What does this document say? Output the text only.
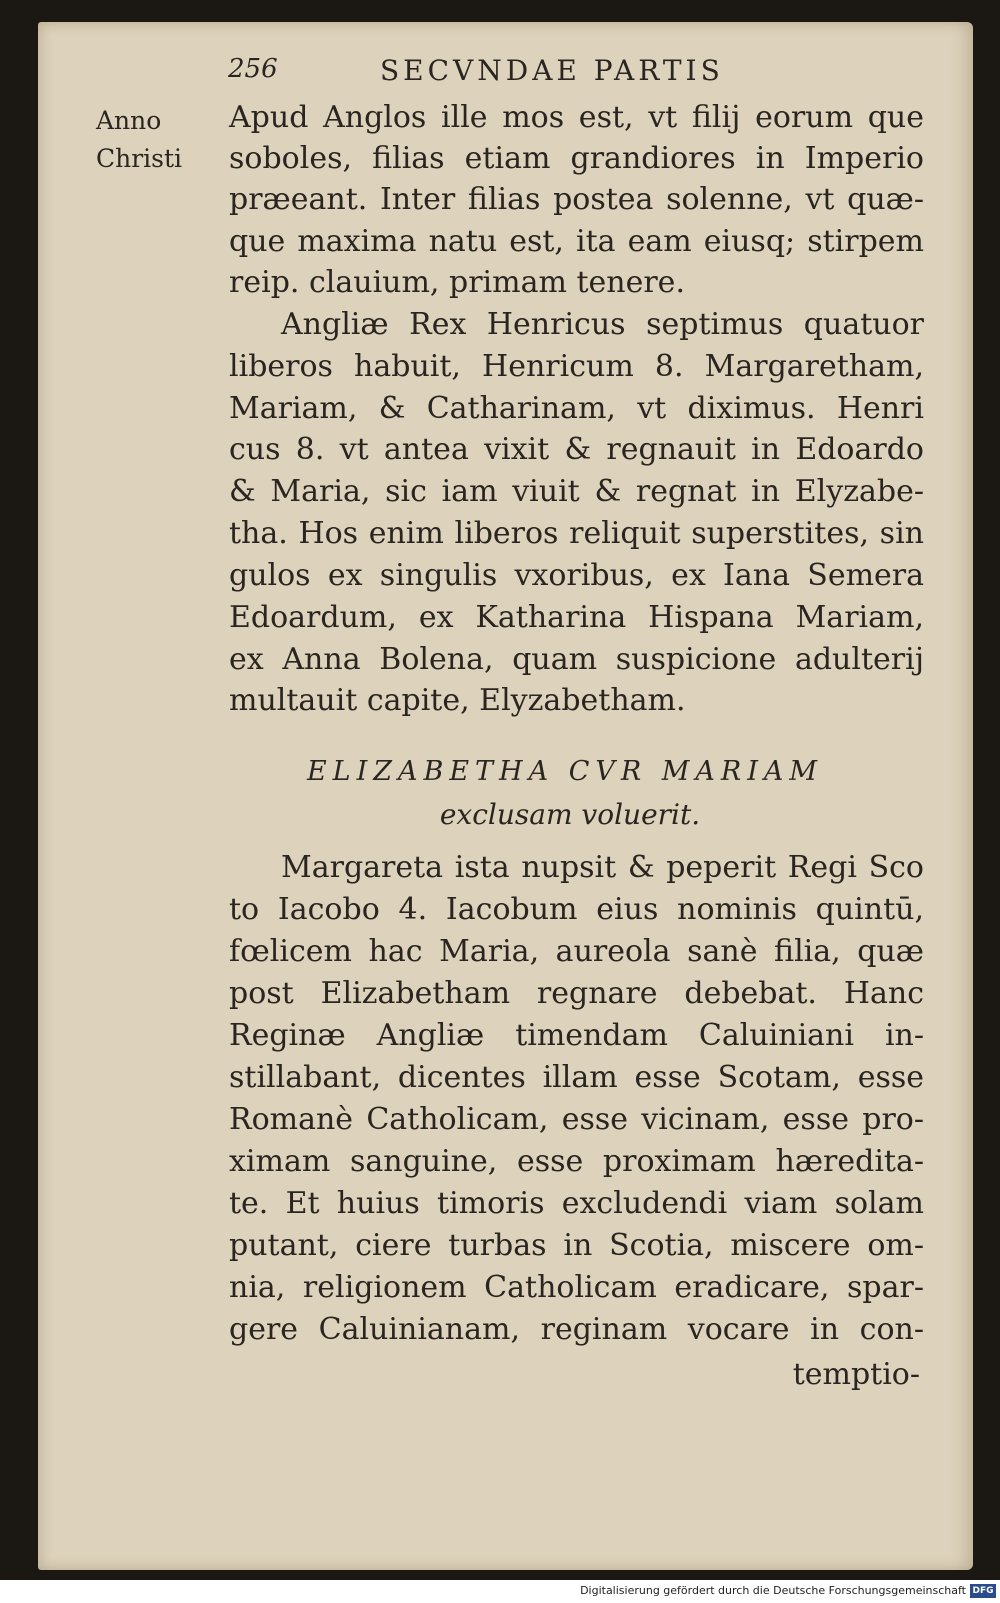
256	SECVNDAE PARTIS
Anno
Christi
Apud Anglos ille mos est, vt filij eorum que
soboles, filias etiam grandiores in Imperio
præeant. Inter filias postea solenne, vt quæ-
que maxima natu est, ita eam eiusq; stirpem
reip. clauium, primam tenere.
Angliæ Rex Henricus septimus quatuor
liberos habuit, Henricum 8. Margaretham,
Mariam, & Catharinam, vt diximus. Henri
cus 8. vt antea vixit & regnauit in Edoardo
& Maria, sic iam viuit & regnat in Elyzabe-
tha. Hos enim liberos reliquit superstites, sin
gulos ex singulis vxoribus, ex Iana Semera
Edoardum, ex Katharina Hispana Mariam,
ex Anna Bolena, quam suspicione adulterij
multauit capite, Elyzabetham.
ELIZABETHA CVR MARIAM
exclusam voluerit.
Margareta ista nupsit & peperit Regi Sco
to Iacobo 4. Iacobum eius nominis quintū,
fœlicem hac Maria, aureola sanè filia, quæ
post Elizabetham regnare debebat. Hanc
Reginæ Angliæ timendam Caluiniani in-
stillabant, dicentes illam esse Scotam, esse
Romanè Catholicam, esse vicinam, esse pro-
ximam sanguine, esse proximam hæredita-
te. Et huius timoris excludendi viam solam
putant, ciere turbas in Scotia, miscere om-
nia, religionem Catholicam eradicare, spar-
gere Caluinianam, reginam vocare in con-
temptio-
Digitalisierung gefördert durch die Deutsche Forschungsgemeinschaft DFG
